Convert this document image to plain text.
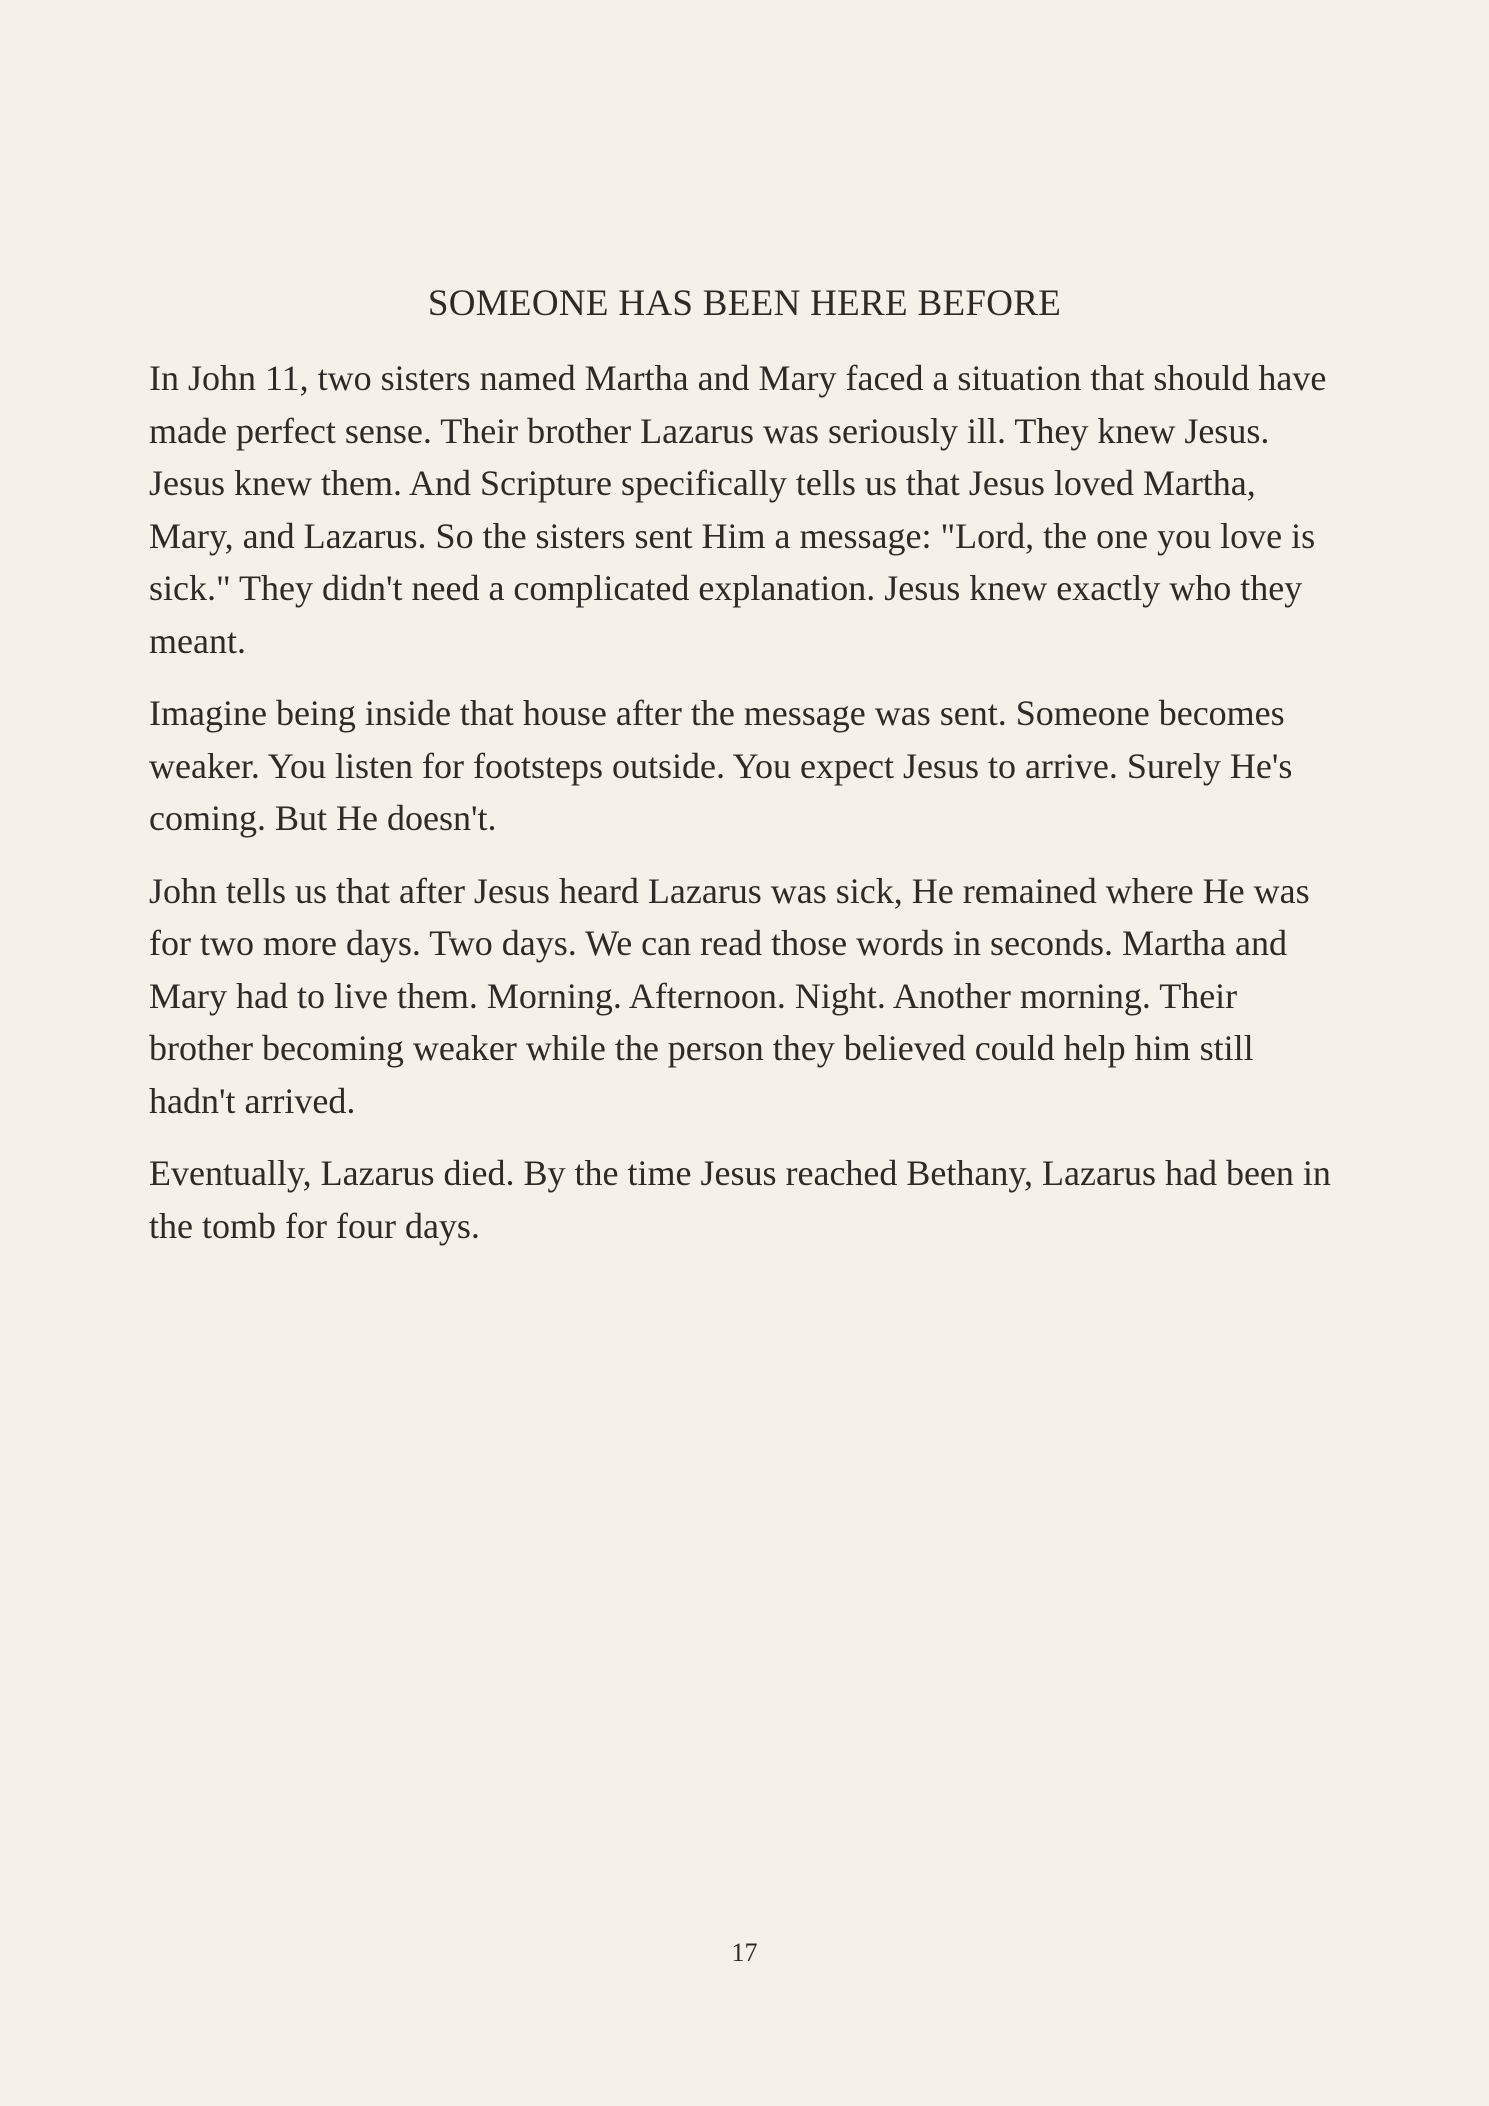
SOMEONE HAS BEEN HERE BEFORE

In John 11, two sisters named Martha and Mary faced a situation that should have made perfect sense. Their brother Lazarus was seriously ill. They knew Jesus. Jesus knew them. And Scripture specifically tells us that Jesus loved Martha, Mary, and Lazarus. So the sisters sent Him a message: "Lord, the one you love is sick." They didn't need a complicated explanation. Jesus knew exactly who they meant.

Imagine being inside that house after the message was sent. Someone becomes weaker. You listen for footsteps outside. You expect Jesus to arrive. Surely He's coming. But He doesn't.

John tells us that after Jesus heard Lazarus was sick, He remained where He was for two more days. Two days. We can read those words in seconds. Martha and Mary had to live them. Morning. Afternoon. Night. Another morning. Their brother becoming weaker while the person they believed could help him still hadn't arrived.

Eventually, Lazarus died. By the time Jesus reached Bethany, Lazarus had been in the tomb for four days.

17
